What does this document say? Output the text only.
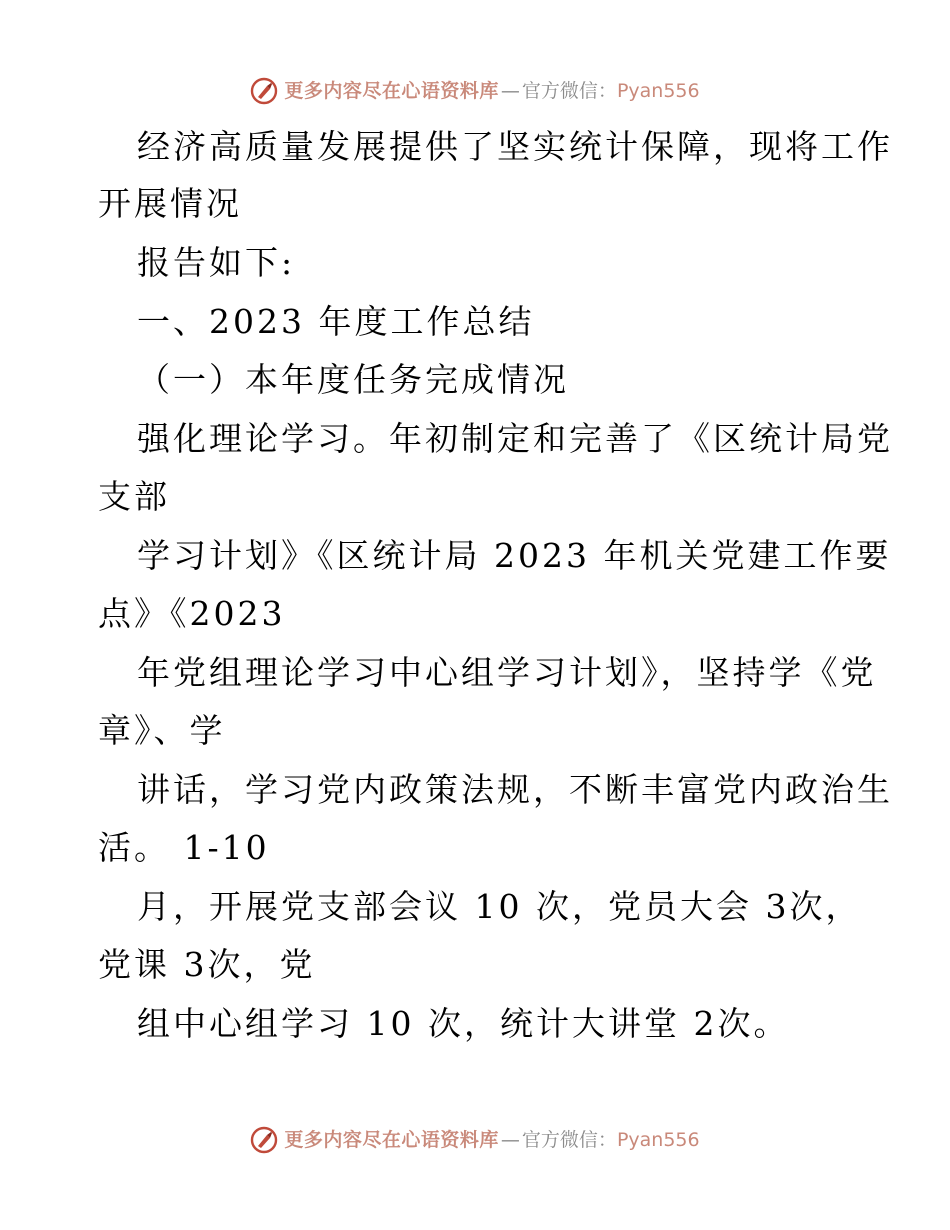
更多内容尽在心语资料库 — 官方微信： Pyan556
经济高质量发展提供了坚实统计保障，现将工作
开展情况
报告如下:
一、2023 年度工作总结
（一）本年度任务完成情况
强化理论学习。年初制定和完善了《区统计局党
支部
学习计划》《区统计局 2023 年机关党建工作要
点》《2023
年党组理论学习中心组学习计划》，坚持学《党
章》、学
讲话，学习党内政策法规，不断丰富党内政治生
活。 1-10
月，开展党支部会议 10 次，党员大会 3次，
党课 3次，党
组中心组学习 10 次，统计大讲堂 2次。
更多内容尽在心语资料库 — 官方微信： Pyan556
